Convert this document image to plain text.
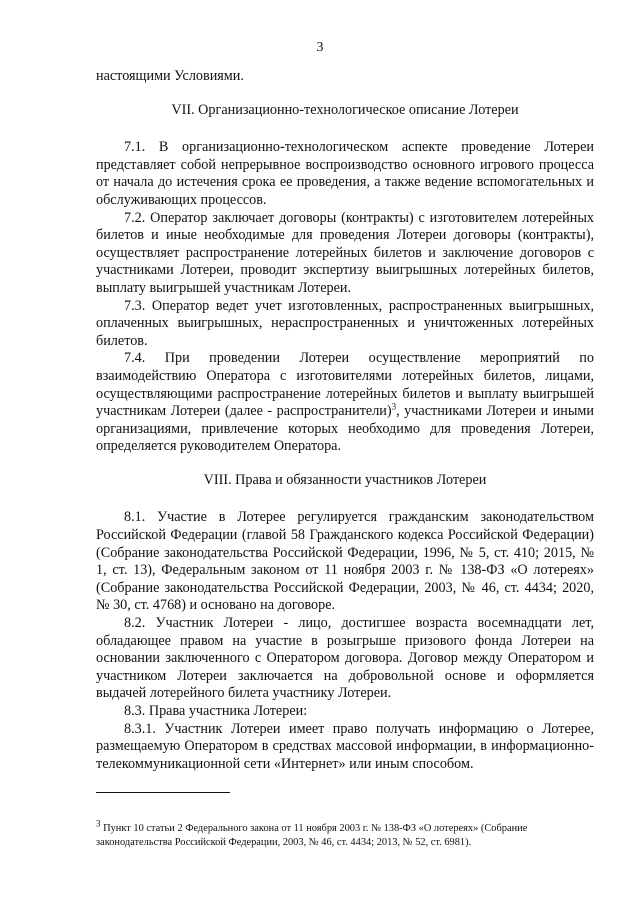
3

настоящими Условиями.

VII. Организационно-технологическое описание Лотереи

7.1. В организационно-технологическом аспекте проведение Лотереи представляет собой непрерывное воспроизводство основного игрового процесса от начала до истечения срока ее проведения, а также ведение вспомогательных и обслуживающих процессов.

7.2. Оператор заключает договоры (контракты) с изготовителем лотерейных билетов и иные необходимые для проведения Лотереи договоры (контракты), осуществляет распространение лотерейных билетов и заключение договоров с участниками Лотереи, проводит экспертизу выигрышных лотерейных билетов, выплату выигрышей участникам Лотереи.

7.3. Оператор ведет учет изготовленных, распространенных выигрышных, оплаченных выигрышных, нераспространенных и уничтоженных лотерейных билетов.

7.4. При проведении Лотереи осуществление мероприятий по взаимодействию Оператора с изготовителями лотерейных билетов, лицами, осуществляющими распространение лотерейных билетов и выплату выигрышей участникам Лотереи (далее - распространители)$^3$, участниками Лотереи и иными организациями, привлечение которых необходимо для проведения Лотереи, определяется руководителем Оператора.

VIII. Права и обязанности участников Лотереи

8.1. Участие в Лотерее регулируется гражданским законодательством Российской Федерации (главой 58 Гражданского кодекса Российской Федерации) (Собрание законодательства Российской Федерации, 1996, № 5, ст. 410; 2015, № 1, ст. 13), Федеральным законом от 11 ноября 2003 г. № 138-ФЗ «О лотереях» (Собрание законодательства Российской Федерации, 2003, № 46, ст. 4434; 2020, № 30, ст. 4768) и основано на договоре.

8.2. Участник Лотереи - лицо, достигшее возраста восемнадцати лет, обладающее правом на участие в розыгрыше призового фонда Лотереи на основании заключенного с Оператором договора. Договор между Оператором и участником Лотереи заключается на добровольной основе и оформляется выдачей лотерейного билета участнику Лотереи.

8.3. Права участника Лотереи:

8.3.1. Участник Лотереи имеет право получать информацию о Лотерее, размещаемую Оператором в средствах массовой информации, в информационно-телекоммуникационной сети «Интернет» или иным способом.

$^3$ Пункт 10 статьи 2 Федерального закона от 11 ноября 2003 г. № 138-ФЗ «О лотереях» (Собрание законодательства Российской Федерации, 2003, № 46, ст. 4434; 2013, № 52, ст. 6981).
